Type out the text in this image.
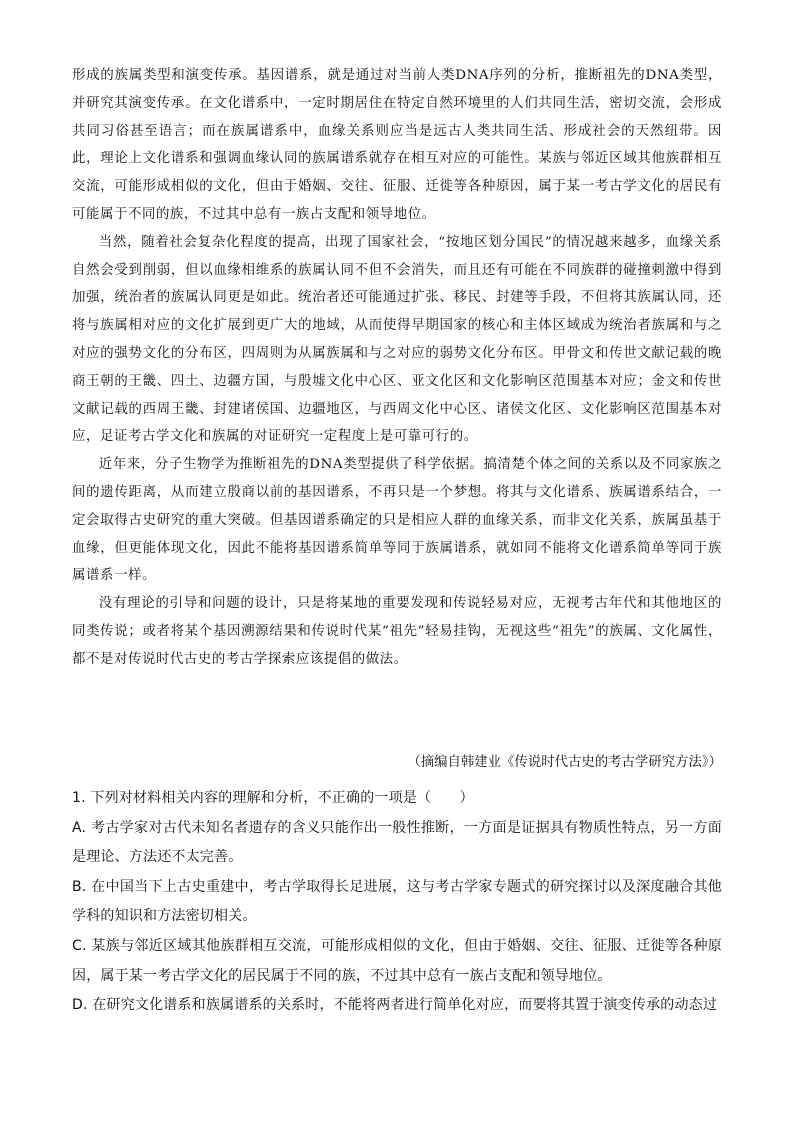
形成的族属类型和演变传承。基因谱系，就是通过对当前人类DNA序列的分析，推断祖先的DNA类型，并研究其演变传承。在文化谱系中，一定时期居住在特定自然环境里的人们共同生活，密切交流，会形成共同习俗甚至语言；而在族属谱系中，血缘关系则应当是远古人类共同生活、形成社会的天然纽带。因此，理论上文化谱系和强调血缘认同的族属谱系就存在相互对应的可能性。某族与邻近区域其他族群相互交流，可能形成相似的文化，但由于婚姻、交往、征服、迁徙等各种原因，属于某一考古学文化的居民有可能属于不同的族，不过其中总有一族占支配和领导地位。

当然，随着社会复杂化程度的提高，出现了国家社会，“按地区划分国民”的情况越来越多，血缘关系自然会受到削弱，但以血缘相维系的族属认同不但不会消失，而且还有可能在不同族群的碰撞刺激中得到加强，统治者的族属认同更是如此。统治者还可能通过扩张、移民、封建等手段，不但将其族属认同，还将与族属相对应的文化扩展到更广大的地域，从而使得早期国家的核心和主体区域成为统治者族属和与之对应的强势文化的分布区，四周则为从属族属和与之对应的弱势文化分布区。甲骨文和传世文献记载的晚商王朝的王畿、四土、边疆方国，与殷墟文化中心区、亚文化区和文化影响区范围基本对应；金文和传世文献记载的西周王畿、封建诸侯国、边疆地区，与西周文化中心区、诸侯文化区、文化影响区范围基本对应，足证考古学文化和族属的对证研究一定程度上是可靠可行的。

近年来，分子生物学为推断祖先的DNA类型提供了科学依据。搞清楚个体之间的关系以及不同家族之间的遗传距离，从而建立殷商以前的基因谱系，不再只是一个梦想。将其与文化谱系、族属谱系结合，一定会取得古史研究的重大突破。但基因谱系确定的只是相应人群的血缘关系，而非文化关系，族属虽基于血缘，但更能体现文化，因此不能将基因谱系简单等同于族属谱系，就如同不能将文化谱系简单等同于族属谱系一样。

没有理论的引导和问题的设计，只是将某地的重要发现和传说轻易对应，无视考古年代和其他地区的同类传说；或者将某个基因溯源结果和传说时代某“祖先”轻易挂钩，无视这些“祖先”的族属、文化属性，都不是对传说时代古史的考古学探索应该提倡的做法。

（摘编自韩建业《传说时代古史的考古学研究方法》）

1. 下列对材料相关内容的理解和分析，不正确的一项是（　　）

A. 考古学家对古代未知名者遗存的含义只能作出一般性推断，一方面是证据具有物质性特点，另一方面是理论、方法还不太完善。

B. 在中国当下上古史重建中，考古学取得长足进展，这与考古学家专题式的研究探讨以及深度融合其他学科的知识和方法密切相关。

C. 某族与邻近区域其他族群相互交流，可能形成相似的文化，但由于婚姻、交往、征服、迁徙等各种原因，属于某一考古学文化的居民属于不同的族，不过其中总有一族占支配和领导地位。

D. 在研究文化谱系和族属谱系的关系时，不能将两者进行简单化对应，而要将其置于演变传承的动态过
